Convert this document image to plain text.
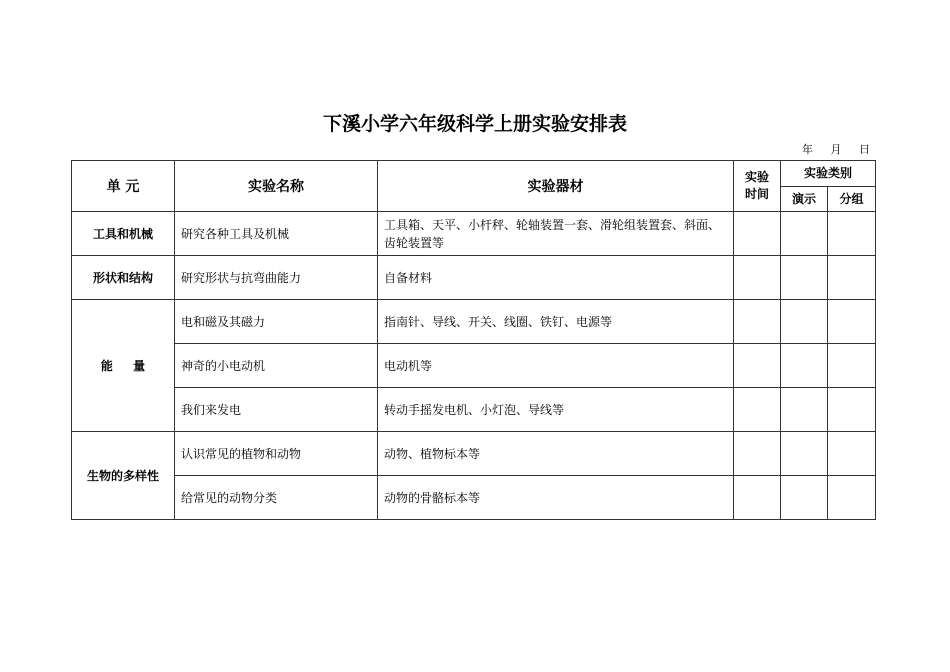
下溪小学六年级科学上册实验安排表
年 月 日
单 元	实验名称	实验器材	实验时间	实验类别	
				演示	分组
工具和机械	研究各种工具及机械	工具箱、天平、小杆秤、轮轴装置一套、滑轮组装置套、斜面、齿轮装置等			
形状和结构	研究形状与抗弯曲能力	自备材料			
能 量	电和磁及其磁力	指南针、导线、开关、线圈、铁钉、电源等			
	神奇的小电动机	电动机等			
	我们来发电	转动手摇发电机、小灯泡、导线等			
生物的多样性	认识常见的植物和动物	动物、植物标本等			
	给常见的动物分类	动物的骨骼标本等			
